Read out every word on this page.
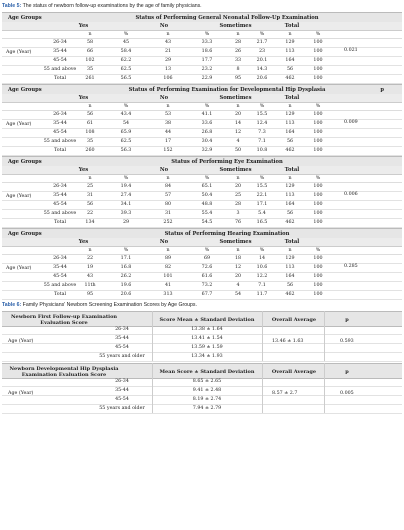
Table 5: The status of newborn follow-up examinations by the age of family physicians.
Age Groups	Status of Performing General Neonatal Follow-Up Examination
Yes	No	Sometimes	Total
n	%	n	%	n	%	n	%
26-34	58	45	43	33.3	28	21.7	129	100
35-44	66	58.4	21	18.6	26	23	113	100
45-54	102	62.2	29	17.7	33	20.1	164	100
55 and above	35	62.5	13	23.2	8	14.3	56	100
Total	261	56.5	106	22.9	95	20.6	462	100
Age (Year)	0.021
Age Groups	Status of Performing Examination for Developmental Hip Dysplasia	p
Yes	No	Sometimes	Total
n	%	n	%	n	%	n	%
26-34	56	43.4	53	41.1	20	15.5	129	100
35-44	61	54	38	33.6	14	12.4	113	100
45-54	108	65.9	44	26.8	12	7.3	164	100
55 and above	35	62.5	17	30.4	4	7.1	56	100
Total	260	56.3	152	32.9	50	10.8	462	100
Age (Year)	0.009
Age Groups	Status of Performing Eye Examination
Yes	No	Sometimes	Total
n	%	n	%	n	%	n	%
26-34	25	19.4	84	65.1	20	15.5	129	100
35-44	31	27.4	57	50.4	25	22.1	113	100
45-54	56	34.1	80	48.8	28	17.1	164	100
55 and above	22	39.3	31	55.4	3	5.4	56	100
Total	134	29	252	54.5	76	16.5	462	100
Age (Year)	0.006
Age Groups	Status of Performing Hearing Examination
Yes	No	Sometimes	Total
n	%	n	%	n	%	n	%
26-34	22	17.1	89	69	18	14	129	100
35-44	19	16.8	82	72.6	12	10.6	113	100
45-54	43	26.2	101	61.6	20	12.2	164	100
55 and above	11th	19.6	41	73.2	4	7.1	56	100
Total	95	20.6	313	67.7	54	11.7	462	100
Age (Year)	0.285
Table 6: Family Physicians' Newborn Screening Examination Scores by Age Groups.
Newborn First Follow-up Examination Evaluation Score	Score Mean ± Standard Deviation	Overall Average	p
26-34	13.38 ± 1.64
35-44	13.41 ± 1.54
45-54	13.59 ± 1.59
55 years and older	13.34 ± 1.93
Age (Year)	13.46 ± 1.63	0.593
Newborn Developmental Hip Dysplasia Examination Evaluation Score	Mean Score ± Standard Deviation	Overall Average	p
26-34	8.65 ± 2.65
35-44	9.41 ± 2.48
45-54	8.19 ± 2.74
55 years and older	7.94 ± 2.79
Age (Year)	8.57 ± 2.7	0.005
